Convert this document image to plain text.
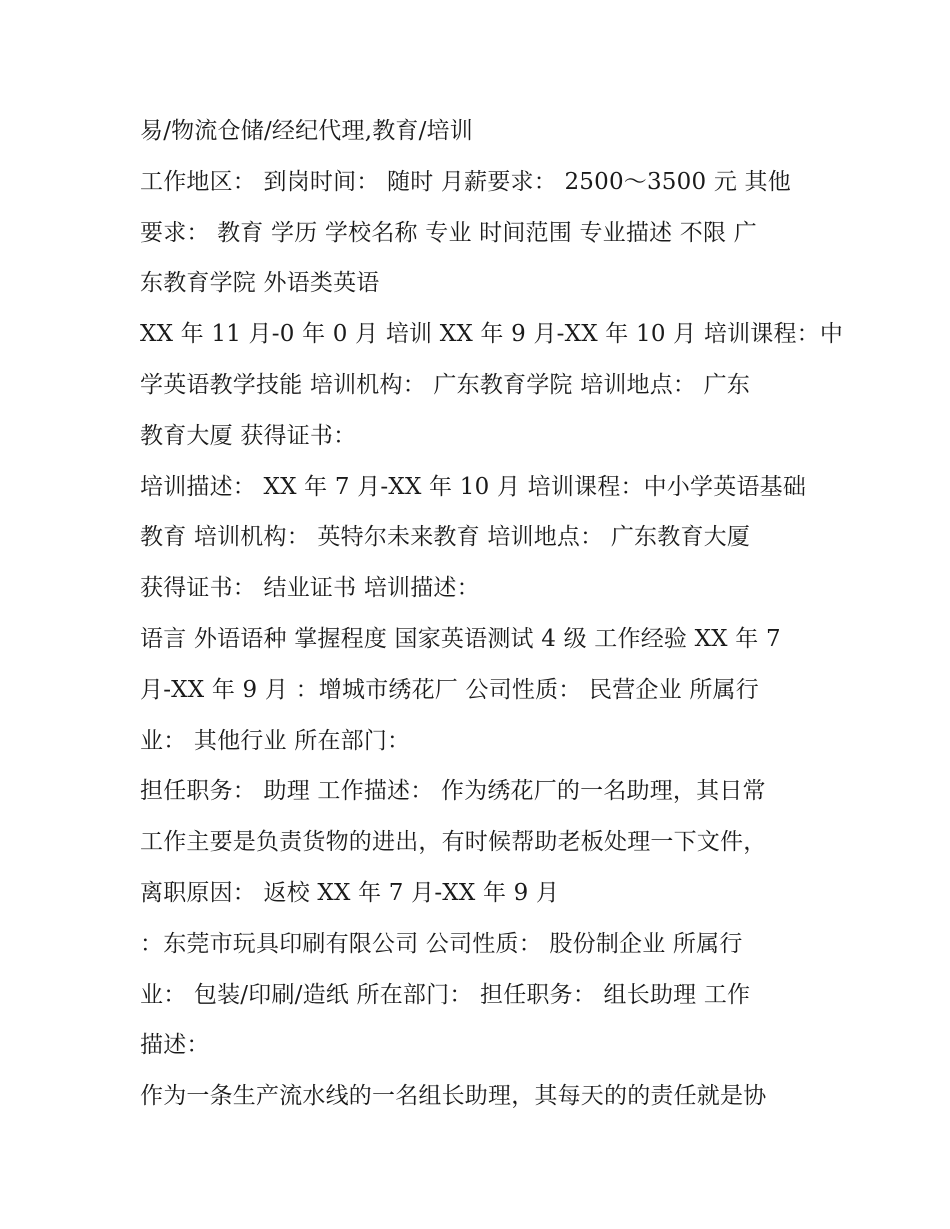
易/物流仓储/经纪代理,教育/培训
工作地区： 到岗时间： 随时 月薪要求： 2500～3500 元 其他
要求： 教育 学历 学校名称 专业 时间范围 专业描述 不限 广
东教育学院 外语类英语
XX 年 11 月-0 年 0 月 培训 XX 年 9 月-XX 年 10 月 培训课程：中
学英语教学技能 培训机构： 广东教育学院 培训地点： 广东
教育大厦 获得证书：
培训描述： XX 年 7 月-XX 年 10 月 培训课程：中小学英语基础
教育 培训机构： 英特尔未来教育 培训地点： 广东教育大厦
获得证书： 结业证书 培训描述：
语言 外语语种 掌握程度 国家英语测试 4 级 工作经验 XX 年 7
月-XX 年 9 月 ：增城市绣花厂 公司性质： 民营企业 所属行
业： 其他行业 所在部门：
担任职务： 助理 工作描述： 作为绣花厂的一名助理，其日常
工作主要是负责货物的进出，有时候帮助老板处理一下文件，
离职原因： 返校 XX 年 7 月-XX 年 9 月
：东莞市玩具印刷有限公司 公司性质： 股份制企业 所属行
业： 包装/印刷/造纸 所在部门： 担任职务： 组长助理 工作
描述：
作为一条生产流水线的一名组长助理，其每天的的责任就是协
